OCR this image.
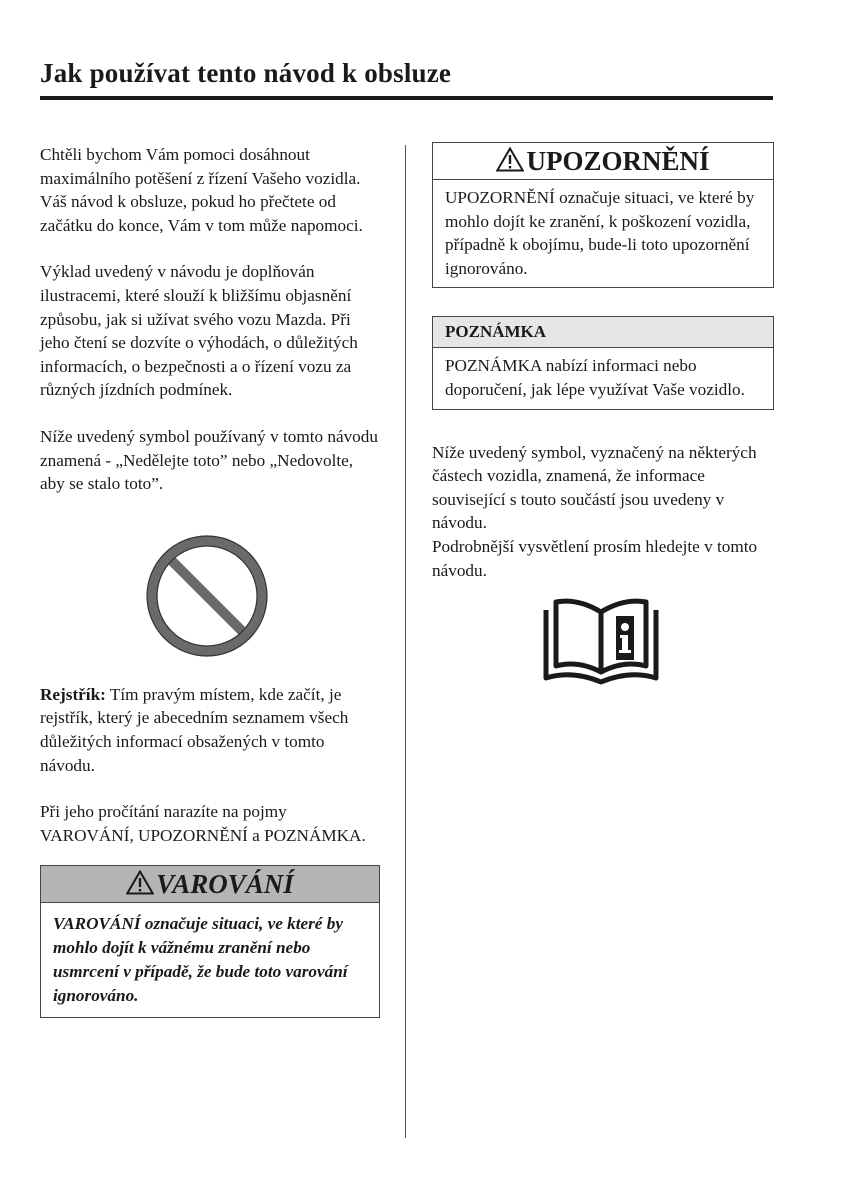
Jak používat tento návod k obsluze

Chtěli bychom Vám pomoci dosáhnout maximálního potěšení z řízení Vašeho vozidla. Váš návod k obsluze, pokud ho přečtete od začátku do konce, Vám v tom může napomoci.

Výklad uvedený v návodu je doplňován ilustracemi, které slouží k bližšímu objasnění způsobu, jak si užívat svého vozu Mazda. Při jeho čtení se dozvíte o výhodách, o důležitých informacích, o bezpečnosti a o řízení vozu za různých jízdních podmínek.

Níže uvedený symbol používaný v tomto návodu znamená - „Nedělejte toto” nebo „Nedovolte, aby se stalo toto”.

Rejstřík: Tím pravým místem, kde začít, je rejstřík, který je abecedním seznamem všech důležitých informací obsažených v tomto návodu.

Při jeho pročítání narazíte na pojmy VAROVÁNÍ, UPOZORNĚNÍ a POZNÁMKA.

VAROVÁNÍ
VAROVÁNÍ označuje situaci, ve které by mohlo dojít k vážnému zranění nebo usmrcení v případě, že bude toto varování ignorováno.
UPOZORNĚNÍ
UPOZORNĚNÍ označuje situaci, ve které by mohlo dojít ke zranění, k poškození vozidla, případně k obojímu, bude-li toto upozornění ignorováno.
POZNÁMKA
POZNÁMKA nabízí informaci nebo doporučení, jak lépe využívat Vaše vozidlo.

Níže uvedený symbol, vyznačený na některých částech vozidla, znamená, že informace související s touto součástí jsou uvedeny v návodu.

Podrobnější vysvětlení prosím hledejte v tomto návodu.
